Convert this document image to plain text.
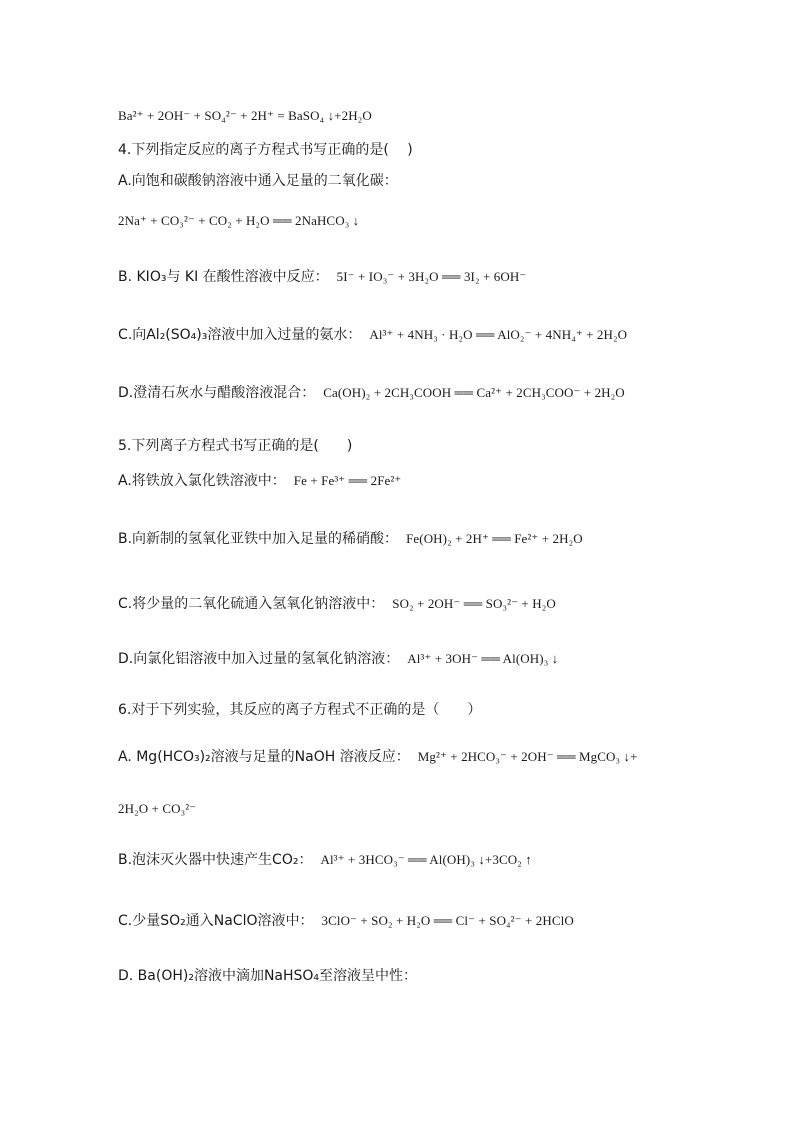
Ba²⁺ + 2OH⁻ + SO₄²⁻ + 2H⁺ = BaSO₄ ↓+2H₂O
4.下列指定反应的离子方程式书写正确的是(　 )
A.向饱和碳酸钠溶液中通入足量的二氧化碳：
2Na⁺ + CO₃²⁻ + CO₂ + H₂O ══ 2NaHCO₃ ↓
B. KIO₃与 KI 在酸性溶液中反应： 5I⁻ + IO₃⁻ + 3H₂O ══ 3I₂ + 6OH⁻
C.向Al₂(SO₄)₃溶液中加入过量的氨水： Al³⁺ + 4NH₃ · H₂O ══ AlO₂⁻ + 4NH₄⁺ + 2H₂O
D.澄清石灰水与醋酸溶液混合： Ca(OH)₂ + 2CH₃COOH ══ Ca²⁺ + 2CH₃COO⁻ + 2H₂O
5.下列离子方程式书写正确的是(　　)
A.将铁放入氯化铁溶液中： Fe + Fe³⁺ ══ 2Fe²⁺
B.向新制的氢氧化亚铁中加入足量的稀硝酸： Fe(OH)₂ + 2H⁺ ══ Fe²⁺ + 2H₂O
C.将少量的二氧化硫通入氢氧化钠溶液中： SO₂ + 2OH⁻ ══ SO₃²⁻ + H₂O
D.向氯化铝溶液中加入过量的氢氧化钠溶液： Al³⁺ + 3OH⁻ ══ Al(OH)₃ ↓
6.对于下列实验，其反应的离子方程式不正确的是（　　）
A. Mg(HCO₃)₂溶液与足量的NaOH 溶液反应： Mg²⁺ + 2HCO₃⁻ + 2OH⁻ ══ MgCO₃ ↓+
2H₂O + CO₃²⁻
B.泡沫灭火器中快速产生CO₂： Al³⁺ + 3HCO₃⁻ ══ Al(OH)₃ ↓+3CO₂ ↑
C.少量SO₂通入NaClO溶液中： 3ClO⁻ + SO₂ + H₂O ══ Cl⁻ + SO₄²⁻ + 2HClO
D. Ba(OH)₂溶液中滴加NaHSO₄至溶液呈中性：
